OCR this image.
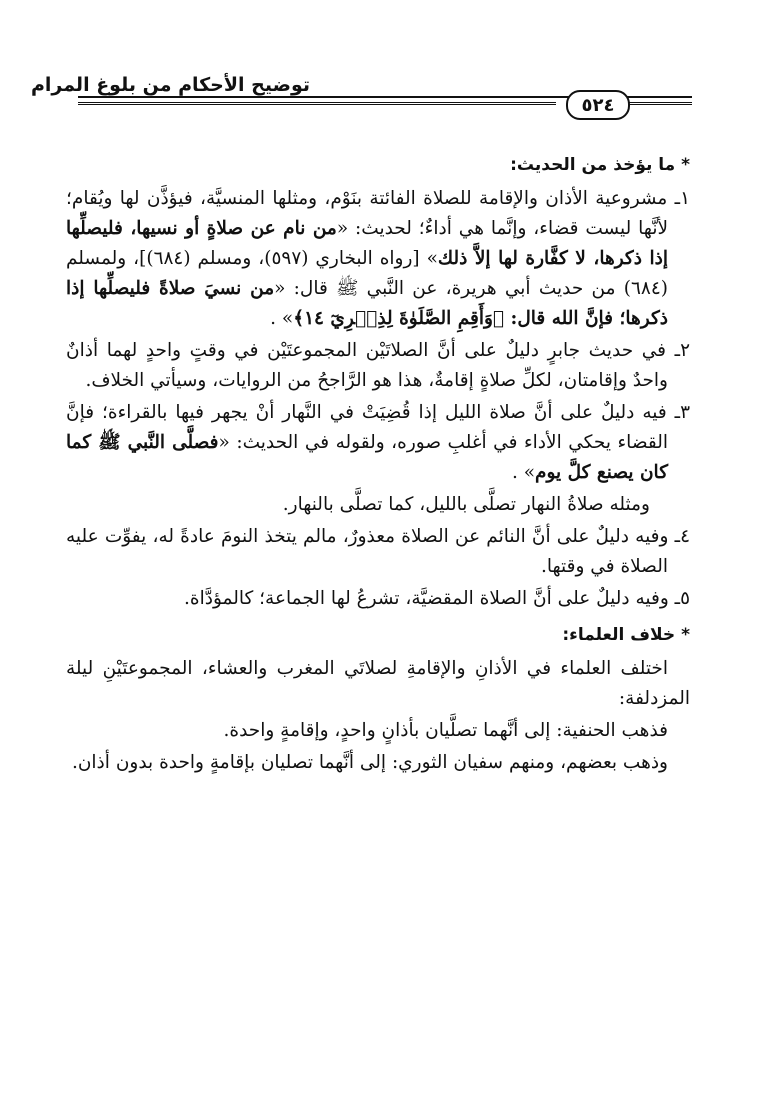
توضيح الأحكام من بلوغ المرام
٥٢٤
* ما يؤخذ من الحديث:

١ـ مشروعية الأذان والإقامة للصلاة الفائتة بنَوْم، ومثلها المنسيَّة، فيؤذَّن لها ويُقام؛ لأنَّها ليست قضاء، وإنَّما هي أداءٌ؛ لحديث: «من نام عن صلاةٍ أو نسيها، فليصلِّها إذا ذكرها، لا كفَّارة لها إلاَّ ذلك» [رواه البخاري (٥٩٧)، ومسلم (٦٨٤)]، ولمسلم (٦٨٤) من حديث أبي هريرة، عن النَّبي ﷺ قال: «من نسيَ صلاةً فليصلِّها إذا ذكرها؛ فإنَّ الله قال: ﴿وَأَقِمِ الصَّلَوٰةَ لِذِكۡرِيٓ ١٤﴾» .

٢ـ في حديث جابرٍ دليلٌ على أنَّ الصلاتَيْن المجموعتَيْن في وقتٍ واحدٍ لهما أذانٌ واحدٌ وإقامتان، لكلِّ صلاةٍ إقامةٌ، هذا هو الرَّاجحُ من الروايات، وسيأتي الخلاف.

٣ـ فيه دليلٌ على أنَّ صلاة الليل إذا قُضِيَتْ في النَّهار أنْ يجهر فيها بالقراءة؛ فإنَّ القضاء يحكي الأداء في أغلبِ صوره، ولقوله في الحديث: «فصلَّى النَّبي ﷺ كما كان يصنع كلَّ يوم» .

ومثله صلاةُ النهار تصلَّى بالليل، كما تصلَّى بالنهار.

٤ـ وفيه دليلٌ على أنَّ النائم عن الصلاة معذورٌ، مالم يتخذ النومَ عادةً له، يفوِّت عليه الصلاة في وقتها.

٥ـ وفيه دليلٌ على أنَّ الصلاة المقضيَّة، تشرعُ لها الجماعة؛ كالمؤدَّاة.

* خلاف العلماء:

اختلف العلماء في الأذانِ والإقامةِ لصلاتَي المغرب والعشاء، المجموعتَيْنِ ليلة المزدلفة:

فذهب الحنفية: إلى أنَّهما تصلَّيان بأذانٍ واحدٍ، وإقامةٍ واحدة.

وذهب بعضهم، ومنهم سفيان الثوري: إلى أنَّهما تصليان بإقامةٍ واحدة بدون أذان.
